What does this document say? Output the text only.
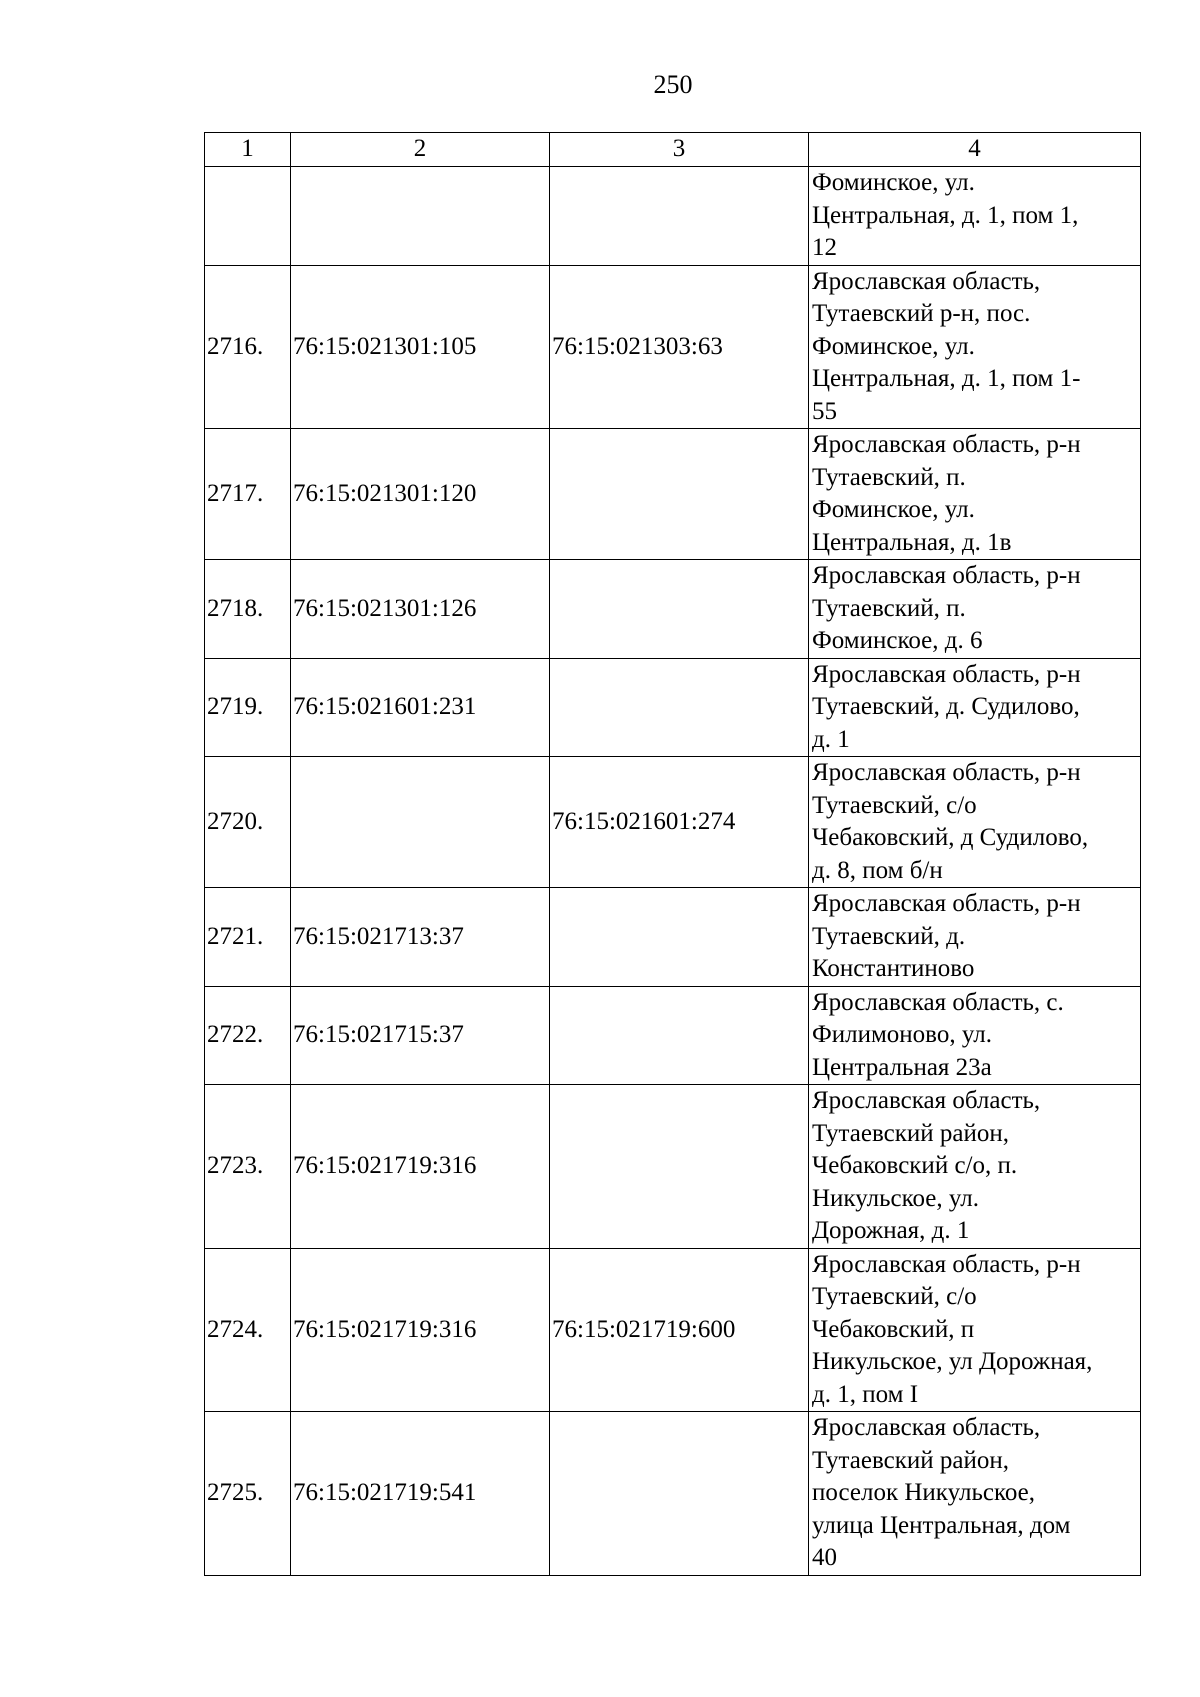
250
1	2	3	4

			Фоминское, ул.
Центральная, д. 1, пом 1,
12

2716.	76:15:021301:105	76:15:021303:63	Ярославская область,
Тутаевский р-н, пос.
Фоминское, ул.
Центральная, д. 1, пом 1-
55

2717.	76:15:021301:120		Ярославская область, р-н
Тутаевский, п.
Фоминское, ул.
Центральная, д. 1в

2718.	76:15:021301:126		Ярославская область, р-н
Тутаевский, п.
Фоминское, д. 6

2719.	76:15:021601:231		Ярославская область, р-н
Тутаевский, д. Судилово,
д. 1

2720.		76:15:021601:274	Ярославская область, р-н
Тутаевский, с/о
Чебаковский, д Судилово,
д. 8, пом б/н

2721.	76:15:021713:37		Ярославская область, р-н
Тутаевский, д.
Константиново

2722.	76:15:021715:37		Ярославская область, с.
Филимоново, ул.
Центральная 23а

2723.	76:15:021719:316		Ярославская область,
Тутаевский район,
Чебаковский с/о, п.
Никульское, ул.
Дорожная, д. 1

2724.	76:15:021719:316	76:15:021719:600	Ярославская область, р-н
Тутаевский, с/о
Чебаковский, п
Никульское, ул Дорожная,
д. 1, пом I

2725.	76:15:021719:541		Ярославская область,
Тутаевский район,
поселок Никульское,
улица Центральная, дом
40
